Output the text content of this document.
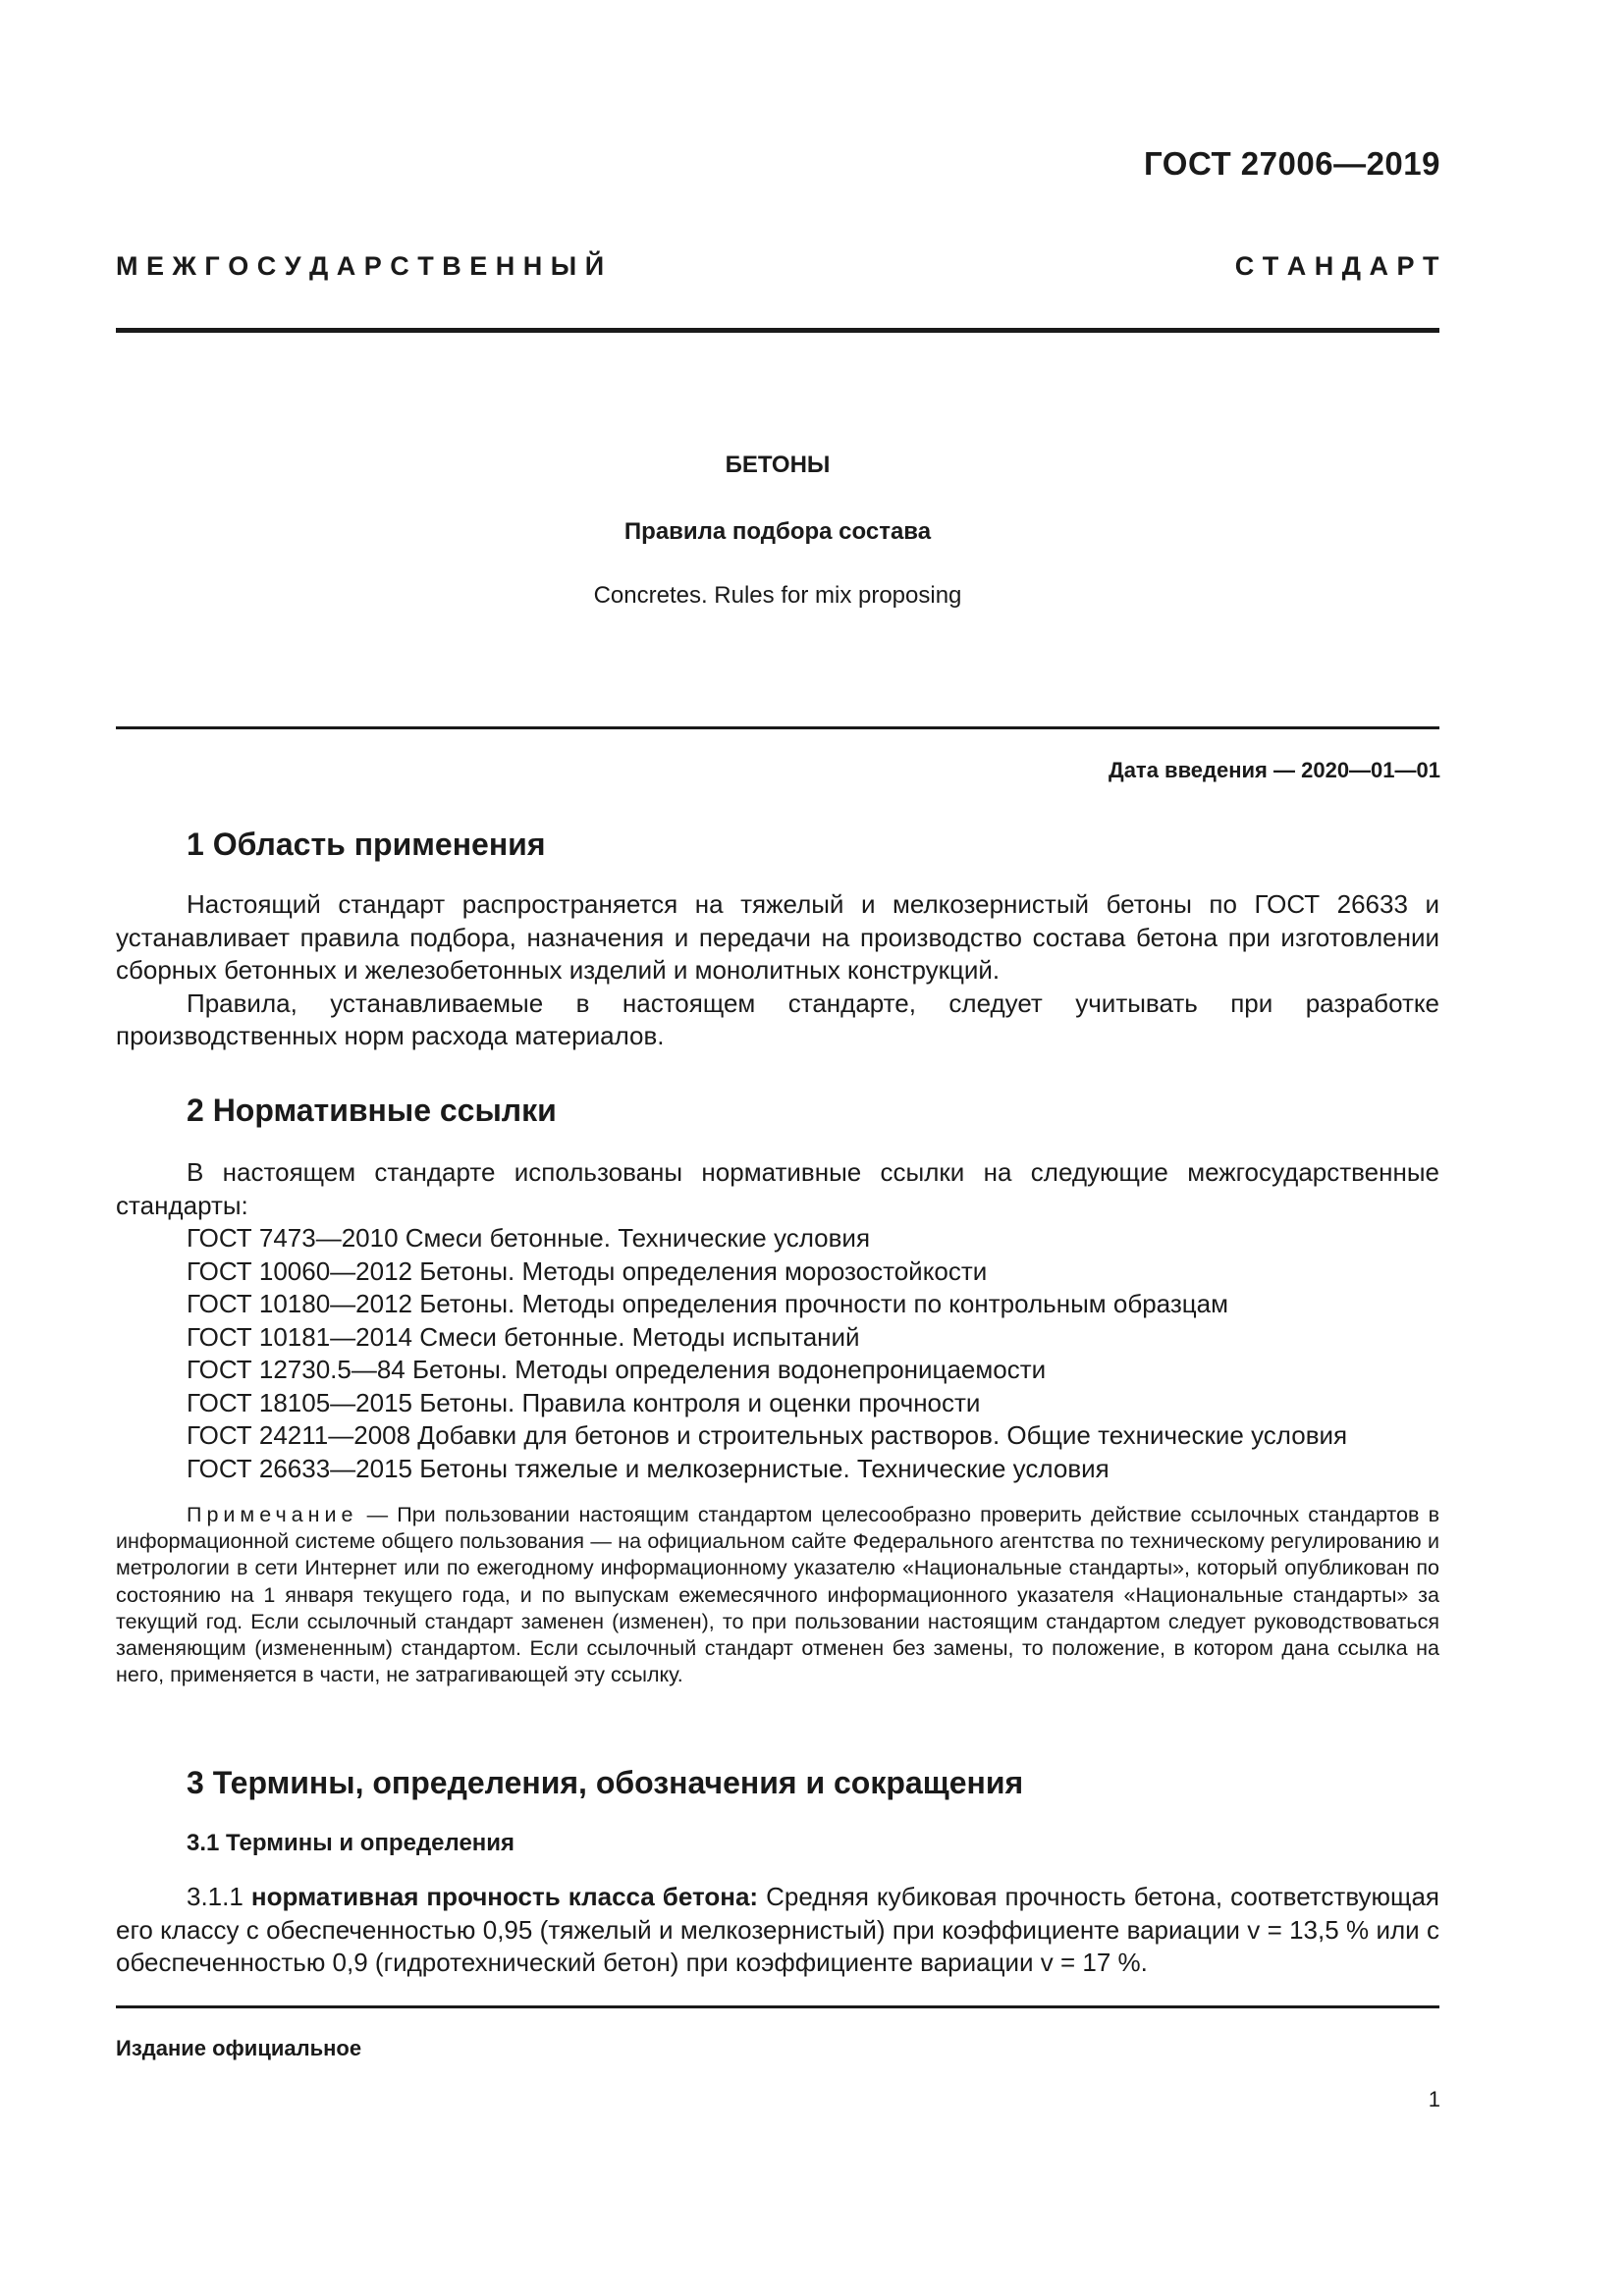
ГОСТ 27006—2019
М Е Ж Г О С У Д А Р С Т В Е Н Н Ы Й	С Т А Н Д А Р Т
БЕТОНЫ
Правила подбора состава
Concretes. Rules for mix proposing
Дата введения — 2020—01—01
1 Область применения

Настоящий стандарт распространяется на тяжелый и мелкозернистый бетоны по ГОСТ 26633 и устанавливает правила подбора, назначения и передачи на производство состава бетона при изготовлении сборных бетонных и железобетонных изделий и монолитных конструкций.

Правила, устанавливаемые в настоящем стандарте, следует учитывать при разработке производственных норм расхода материалов.

2 Нормативные ссылки

В настоящем стандарте использованы нормативные ссылки на следующие межгосударственные стандарты:

ГОСТ 7473—2010 Смеси бетонные. Технические условия
ГОСТ 10060—2012 Бетоны. Методы определения морозостойкости
ГОСТ 10180—2012 Бетоны. Методы определения прочности по контрольным образцам
ГОСТ 10181—2014 Смеси бетонные. Методы испытаний
ГОСТ 12730.5—84 Бетоны. Методы определения водонепроницаемости
ГОСТ 18105—2015 Бетоны. Правила контроля и оценки прочности
ГОСТ 24211—2008 Добавки для бетонов и строительных растворов. Общие технические условия
ГОСТ 26633—2015 Бетоны тяжелые и мелкозернистые. Технические условия
Примечание — При пользовании настоящим стандартом целесообразно проверить действие ссылочных стандартов в информационной системе общего пользования — на официальном сайте Федерального агентства по техническому регулированию и метрологии в сети Интернет или по ежегодному информационному указателю «Национальные стандарты», который опубликован по состоянию на 1 января текущего года, и по выпускам ежемесячного информационного указателя «Национальные стандарты» за текущий год. Если ссылочный стандарт заменен (изменен), то при пользовании настоящим стандартом следует руководствоваться заменяющим (измененным) стандартом. Если ссылочный стандарт отменен без замены, то положение, в котором дана ссылка на него, применяется в части, не затрагивающей эту ссылку.
3 Термины, определения, обозначения и сокращения
3.1 Термины и определения

3.1.1 нормативная прочность класса бетона: Средняя кубиковая прочность бетона, соответствующая его классу с обеспеченностью 0,95 (тяжелый и мелкозернистый) при коэффициенте вариации v = 13,5 % или с обеспеченностью 0,9 (гидротехнический бетон) при коэффициенте вариации v = 17 %.

Издание официальное
1
